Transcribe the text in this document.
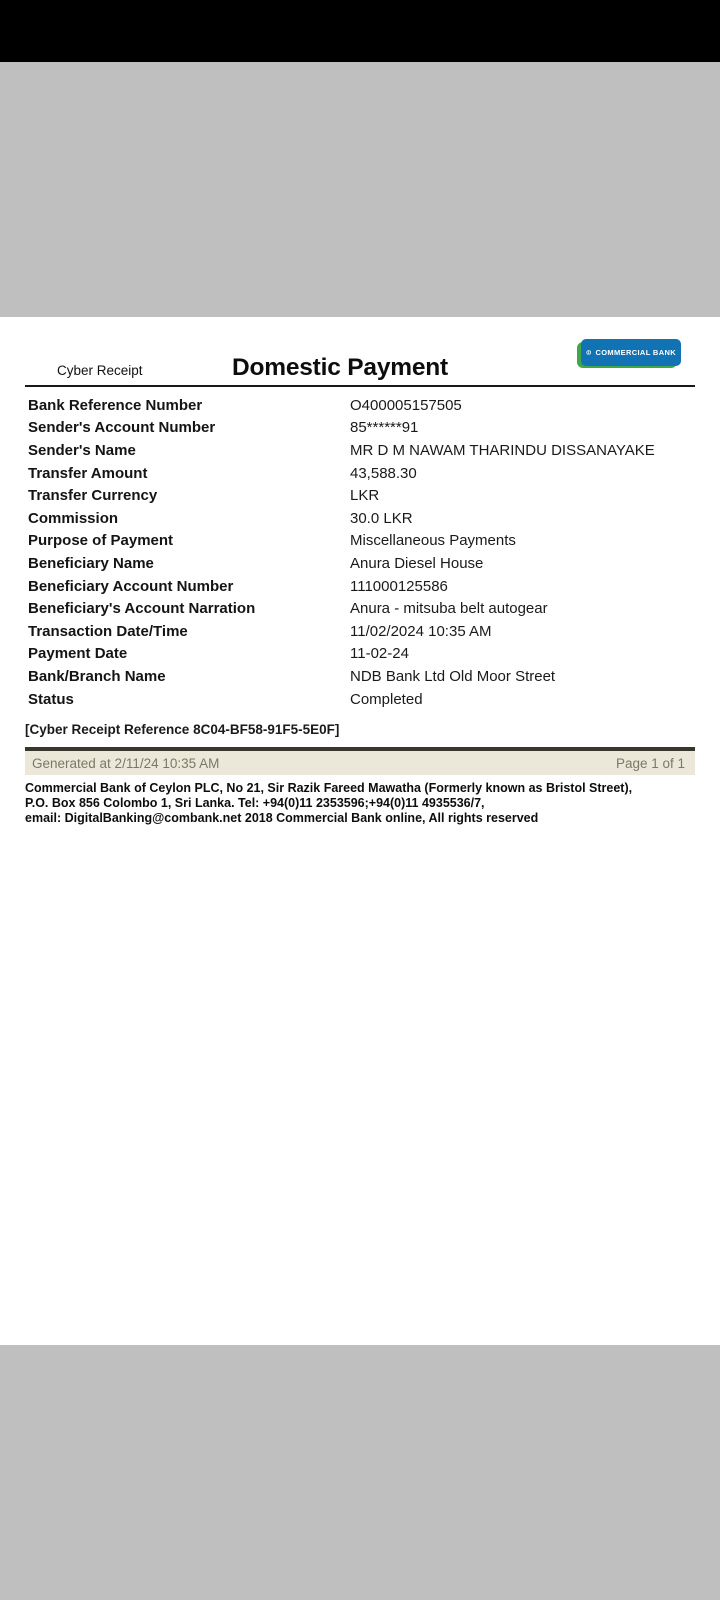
Cyber Receipt	Domestic Payment
COMMERCIAL BANK
Bank Reference Number	O400005157505
Sender's Account Number	85******91
Sender's Name	MR D M NAWAM THARINDU DISSANAYAKE
Transfer Amount	43,588.30
Transfer Currency	LKR
Commission	30.0 LKR
Purpose of Payment	Miscellaneous Payments
Beneficiary Name	Anura Diesel House
Beneficiary Account Number	111000125586
Beneficiary's Account Narration	Anura - mitsuba belt autogear
Transaction Date/Time	11/02/2024 10:35 AM
Payment Date	11-02-24
Bank/Branch Name	NDB Bank Ltd Old Moor Street
Status	Completed
[Cyber Receipt Reference 8C04-BF58-91F5-5E0F]
Generated at 2/11/24 10:35 AM	Page 1 of 1
Commercial Bank of Ceylon PLC, No 21, Sir Razik Fareed Mawatha (Formerly known as Bristol Street),
P.O. Box 856 Colombo 1, Sri Lanka. Tel: +94(0)11 2353596;+94(0)11 4935536/7,
email: DigitalBanking@combank.net 2018 Commercial Bank online, All rights reserved
